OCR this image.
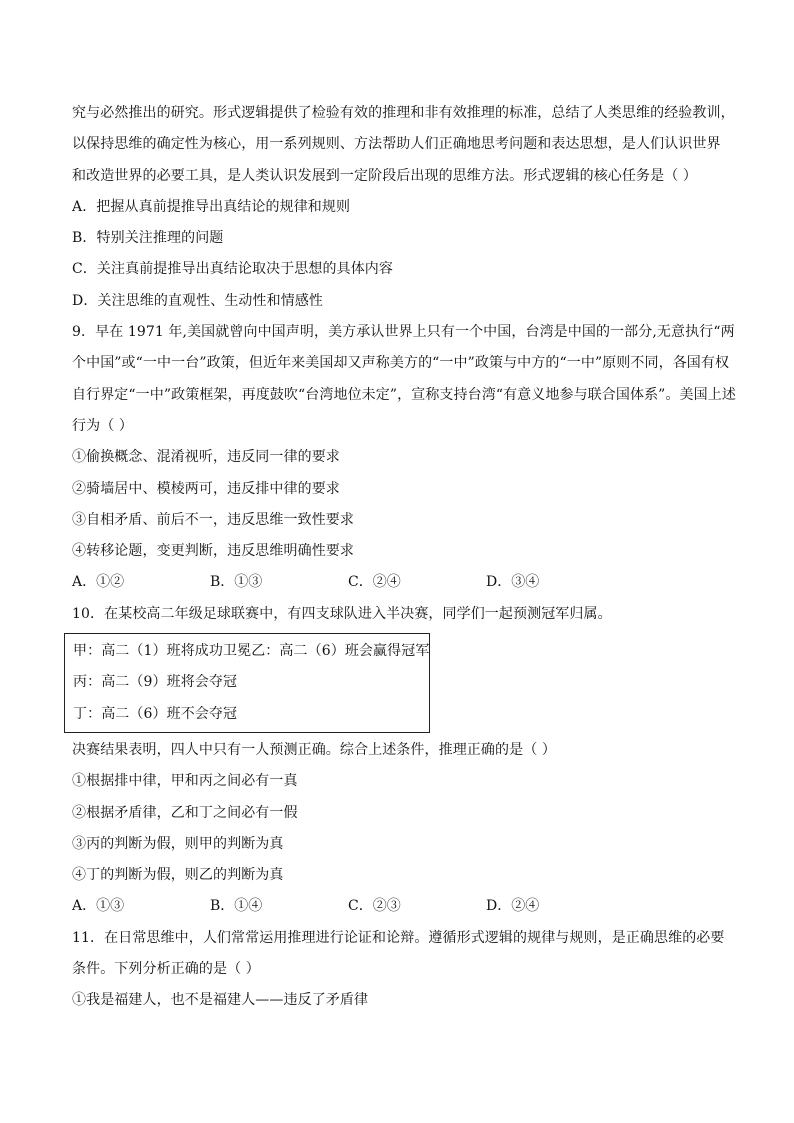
究与必然推出的研究。形式逻辑提供了检验有效的推理和非有效推理的标准，总结了人类思维的经验教训，
以保持思维的确定性为核心，用一系列规则、方法帮助人们正确地思考问题和表达思想，是人们认识世界
和改造世界的必要工具，是人类认识发展到一定阶段后出现的思维方法。形式逻辑的核心任务是（ ）
A．把握从真前提推导出真结论的规律和规则
B．特别关注推理的问题
C．关注真前提推导出真结论取决于思想的具体内容
D．关注思维的直观性、生动性和情感性
9．早在 1971 年,美国就曾向中国声明，美方承认世界上只有一个中国，台湾是中国的一部分,无意执行“两
个中国”或“一中一台”政策，但近年来美国却又声称美方的“一中”政策与中方的“一中”原则不同，各国有权
自行界定“一中”政策框架，再度鼓吹“台湾地位未定”，宣称支持台湾“有意义地参与联合国体系”。美国上述
行为（ ）
①偷换概念、混淆视听，违反同一律的要求
②骑墙居中、模棱两可，违反排中律的要求
③自相矛盾、前后不一，违反思维一致性要求
④转移论题，变更判断，违反思维明确性要求
A．①②	B．①③	C．②④	D．③④
10．在某校高二年级足球联赛中，有四支球队进入半决赛，同学们一起预测冠军归属。
甲：高二（1）班将成功卫冕乙：高二（6）班会赢得冠军
丙：高二（9）班将会夺冠
丁：高二（6）班不会夺冠
决赛结果表明，四人中只有一人预测正确。综合上述条件，推理正确的是（ ）
①根据排中律，甲和丙之间必有一真
②根据矛盾律，乙和丁之间必有一假
③丙的判断为假，则甲的判断为真
④丁的判断为假，则乙的判断为真
A．①③	B．①④	C．②③	D．②④
11．在日常思维中，人们常常运用推理进行论证和论辩。遵循形式逻辑的规律与规则，是正确思维的必要
条件。下列分析正确的是（ ）
①我是福建人，也不是福建人——违反了矛盾律
